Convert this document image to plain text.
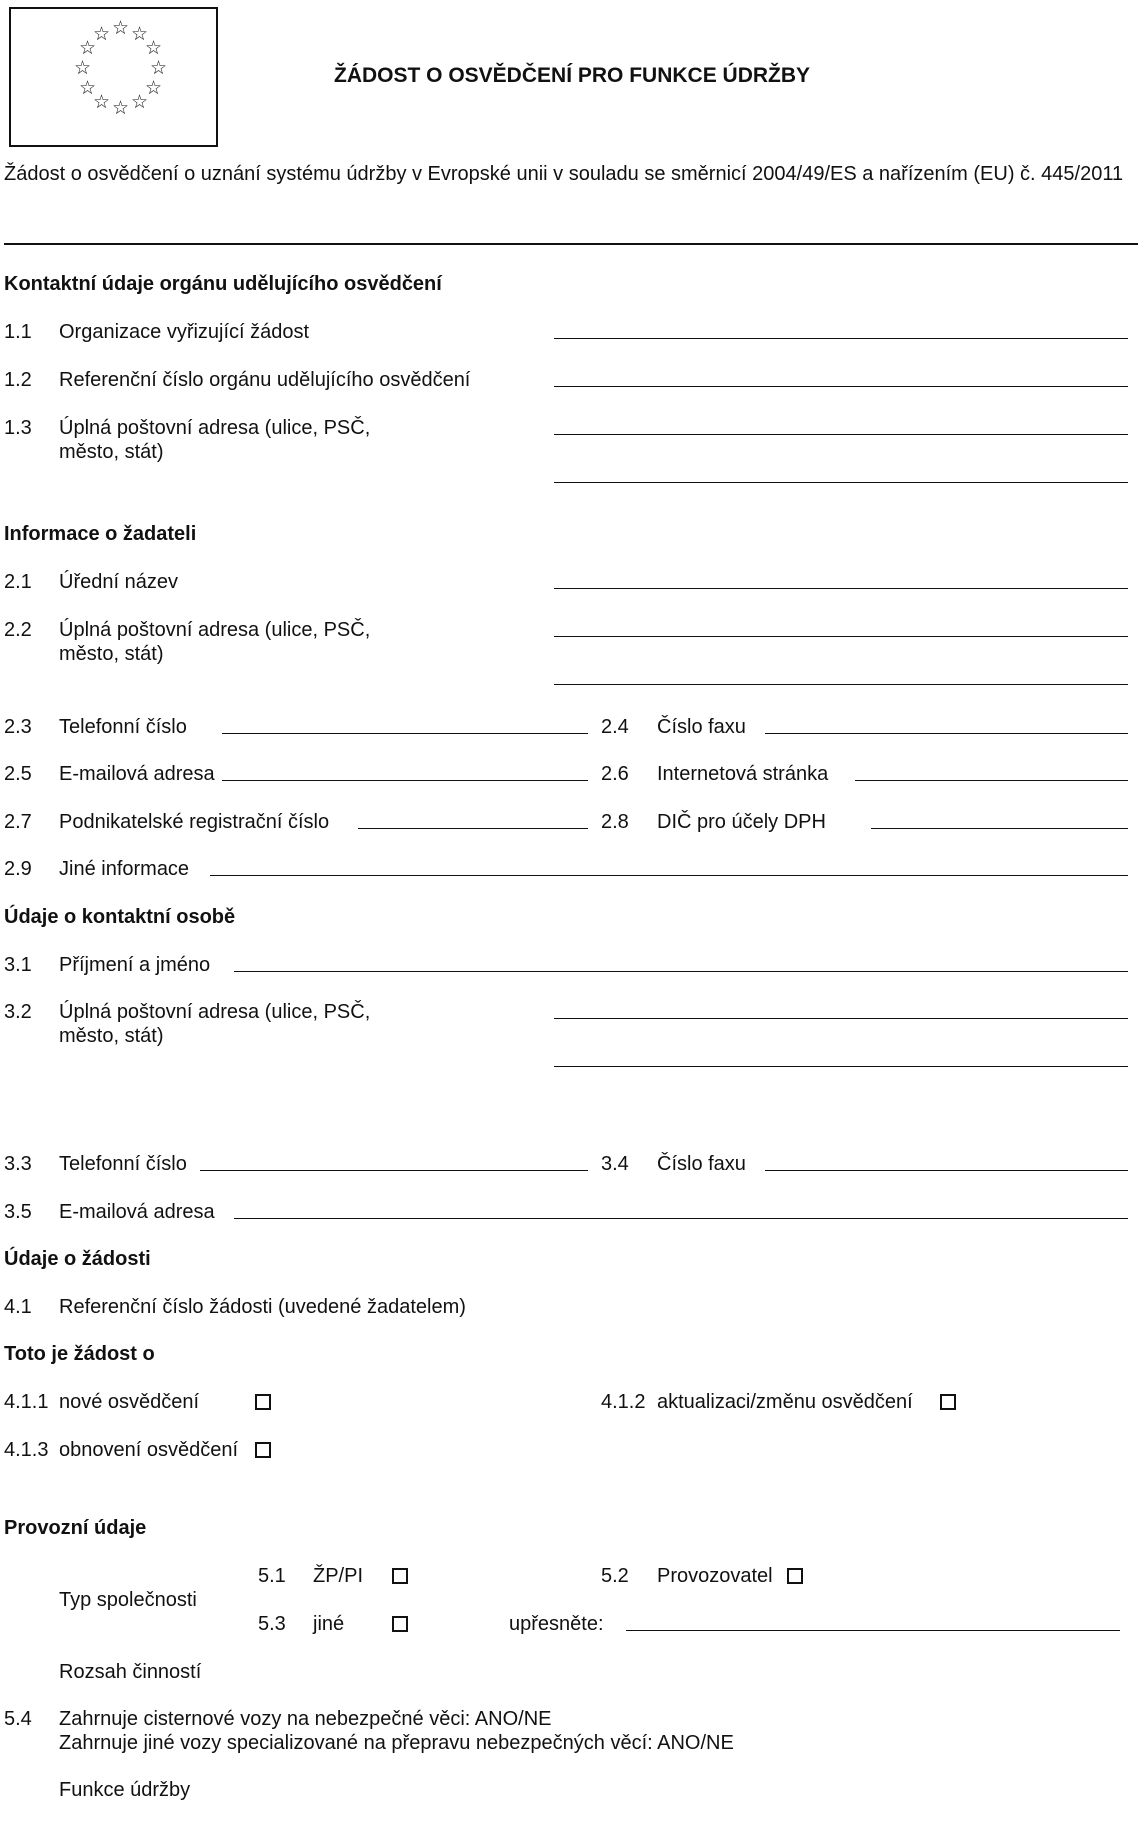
☆ ☆
☆
☆
☆
☆
☆
☆
☆
☆
☆
☆
ŽÁDOST O OSVĚDČENÍ PRO FUNKCE ÚDRŽBY
Žádost o osvědčení o uznání systému údržby v Evropské unii v souladu se směrnicí 2004/49/ES a nařízením (EU) č. 445/2011
Kontaktní údaje orgánu udělujícího osvědčení
1.1 Organizace vyřizující žádost
1.2 Referenční číslo orgánu udělujícího osvědčení
1.3 Úplná poštovní adresa (ulice, PSČ,
město, stát)
Informace o žadateli
2.1 Úřední název
2.2 Úplná poštovní adresa (ulice, PSČ,
město, stát)
2.3 Telefonní číslo	2.4 Číslo faxu
2.5 E-mailová adresa	2.6 Internetová stránka
2.7 Podnikatelské registrační číslo	2.8 DIČ pro účely DPH
2.9 Jiné informace
Údaje o kontaktní osobě
3.1 Příjmení a jméno
3.2 Úplná poštovní adresa (ulice, PSČ,
město, stát)
3.3 Telefonní číslo	3.4 Číslo faxu
3.5 E-mailová adresa
Údaje o žádosti
4.1 Referenční číslo žádosti (uvedené žadatelem)
Toto je žádost o
4.1.1 nové osvědčení	4.1.2 aktualizaci/změnu osvědčení
4.1.3 obnovení osvědčení
Provozní údaje
Typ společnosti
5.1 ŽP/PI	5.2 Provozovatel
5.3 jiné	upřesněte:
Rozsah činností
5.4 Zahrnuje cisternové vozy na nebezpečné věci: ANO/NE
Zahrnuje jiné vozy specializované na přepravu nebezpečných věcí: ANO/NE
Funkce údržby
